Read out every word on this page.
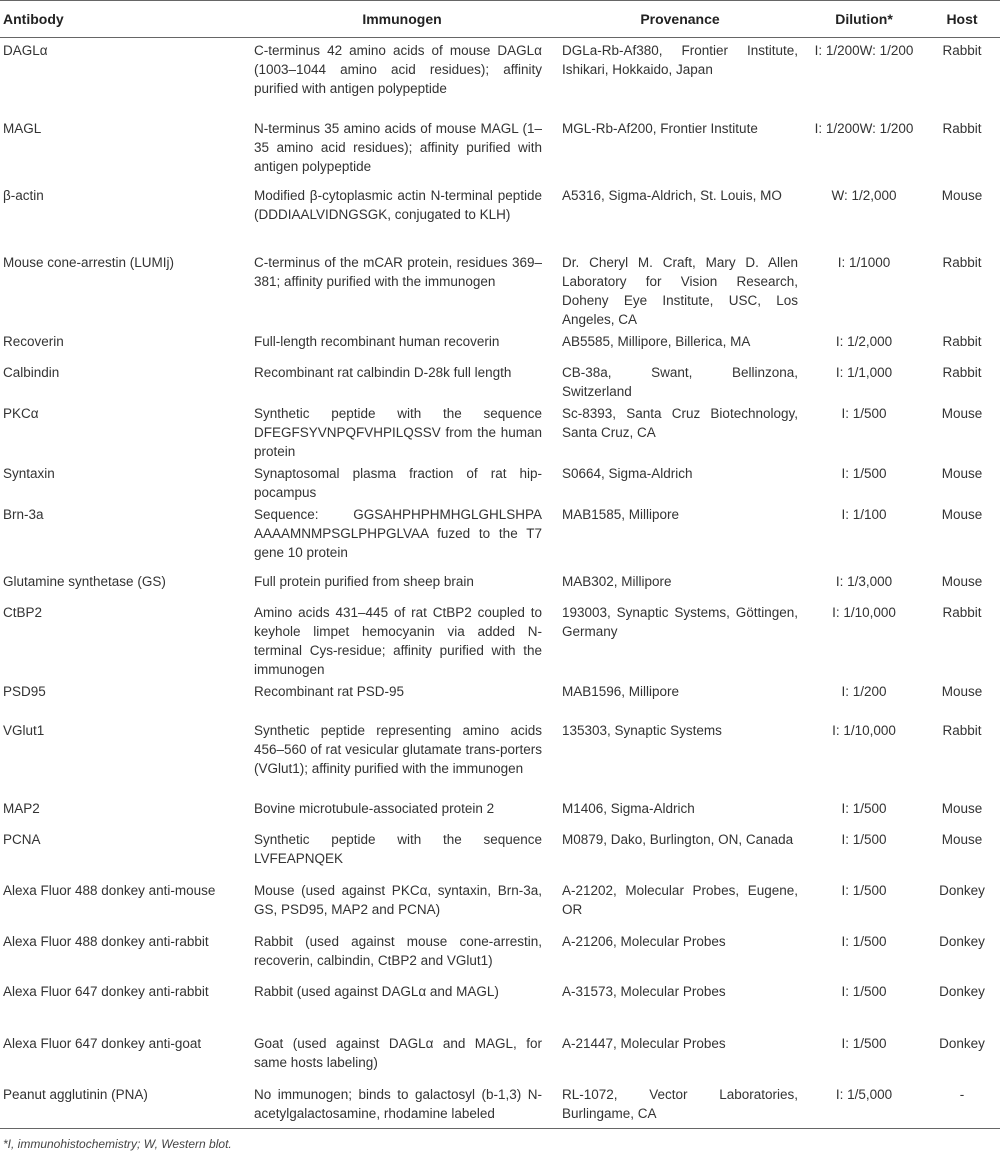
Antibody	Immunogen	Provenance	Dilution*	Host
DAGLα	C-terminus 42 amino acids of mouse DAGLα (1003–1044 amino acid residues); affinity purified with antigen polypeptide	DGLa-Rb-Af380, Frontier Institute, Ishikari, Hokkaido, Japan	I: 1/200W: 1/200	Rabbit
MAGL	N-terminus 35 amino acids of mouse MAGL (1–35 amino acid residues); affinity purified with antigen polypeptide	MGL-Rb-Af200, Frontier Institute	I: 1/200W: 1/200	Rabbit
β-actin	Modified β-cytoplasmic actin N-terminal peptide (DDDIAALVIDNGSGK, conjugated to KLH)	A5316, Sigma-Aldrich, St. Louis, MO	W: 1/2,000	Mouse
Mouse cone-arrestin (LUMIj)	C-terminus of the mCAR protein, residues 369–381; affinity purified with the immunogen	Dr. Cheryl M. Craft, Mary D. Allen Laboratory for Vision Research, Doheny Eye Institute, USC, Los Angeles, CA	I: 1/1000	Rabbit
Recoverin	Full-length recombinant human recoverin	AB5585, Millipore, Billerica, MA	I: 1/2,000	Rabbit
Calbindin	Recombinant rat calbindin D-28k full length	CB-38a, Swant, Bellinzona, Switzerland	I: 1/1,000	Rabbit
PKCα	Synthetic peptide with the sequence DFEGFSYVNPQFVHPILQSSV from the human protein	Sc-8393, Santa Cruz Biotechnology, Santa Cruz, CA	I: 1/500	Mouse
Syntaxin	Synaptosomal plasma fraction of rat hip-pocampus	S0664, Sigma-Aldrich	I: 1/500	Mouse
Brn-3a	Sequence: GGSAHPHPHMHGLGHLSHPA AAAAMNMPSGLPHPGLVAA fuzed to the T7 gene 10 protein	MAB1585, Millipore	I: 1/100	Mouse
Glutamine synthetase (GS)	Full protein purified from sheep brain	MAB302, Millipore	I: 1/3,000	Mouse
CtBP2	Amino acids 431–445 of rat CtBP2 coupled to keyhole limpet hemocyanin via added N-terminal Cys-residue; affinity purified with the immunogen	193003, Synaptic Systems, Göttingen, Germany	I: 1/10,000	Rabbit
PSD95	Recombinant rat PSD-95	MAB1596, Millipore	I: 1/200	Mouse
VGlut1	Synthetic peptide representing amino acids 456–560 of rat vesicular glutamate trans-porters (VGlut1); affinity purified with the immunogen	135303, Synaptic Systems	I: 1/10,000	Rabbit
MAP2	Bovine microtubule-associated protein 2	M1406, Sigma-Aldrich	I: 1/500	Mouse
PCNA	Synthetic peptide with the sequence LVFEAPNQEK	M0879, Dako, Burlington, ON, Canada	I: 1/500	Mouse
Alexa Fluor 488 donkey anti-mouse	Mouse (used against PKCα, syntaxin, Brn-3a, GS, PSD95, MAP2 and PCNA)	A-21202, Molecular Probes, Eugene, OR	I: 1/500	Donkey
Alexa Fluor 488 donkey anti-rabbit	Rabbit (used against mouse cone-arrestin, recoverin, calbindin, CtBP2 and VGlut1)	A-21206, Molecular Probes	I: 1/500	Donkey
Alexa Fluor 647 donkey anti-rabbit	Rabbit (used against DAGLα and MAGL)	A-31573, Molecular Probes	I: 1/500	Donkey
Alexa Fluor 647 donkey anti-goat	Goat (used against DAGLα and MAGL, for same hosts labeling)	A-21447, Molecular Probes	I: 1/500	Donkey
Peanut agglutinin (PNA)	No immunogen; binds to galactosyl (b-1,3) N-acetylgalactosamine, rhodamine labeled	RL-1072, Vector Laboratories, Burlingame, CA	I: 1/5,000	-
*I, immunohistochemistry; W, Western blot.
